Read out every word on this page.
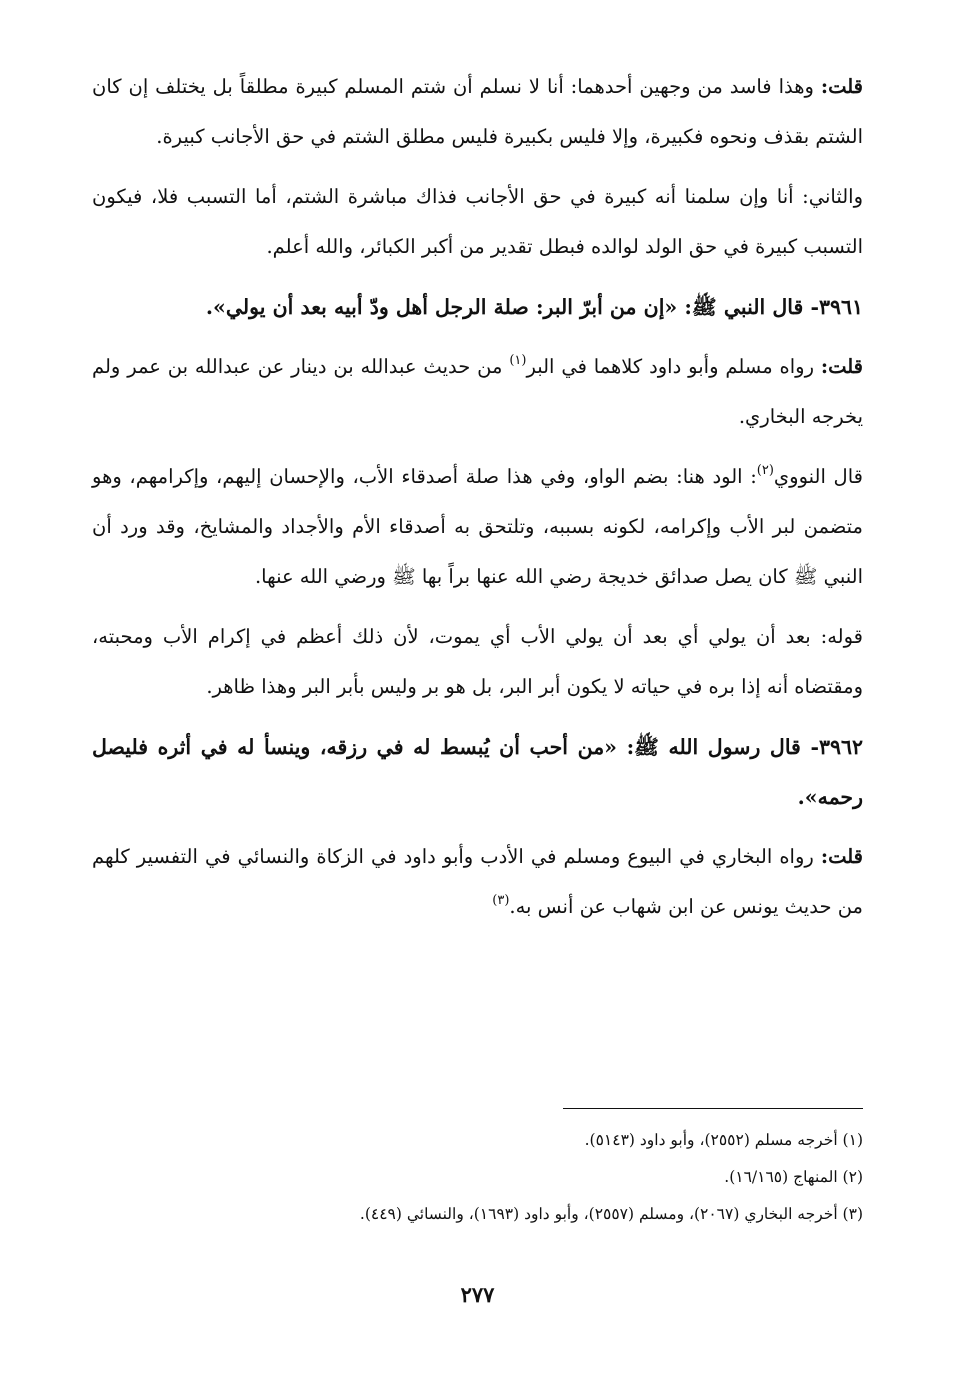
قلت: وهذا فاسد من وجهين أحدهما: أنا لا نسلم أن شتم المسلم كبيرة مطلقاً بل يختلف إن كان الشتم بقذف ونحوه فكبيرة، وإلا فليس بكبيرة فليس مطلق الشتم في حق الأجانب كبيرة.

والثاني: أنا وإن سلمنا أنه كبيرة في حق الأجانب فذاك مباشرة الشتم، أما التسبب فلا، فيكون التسبب كبيرة في حق الولد لوالده فبطل تقدير من أكبر الكبائر، والله أعلم.

٣٩٦١- قال النبي ﷺ: «إن من أبرّ البر: صلة الرجل أهل ودّ أبيه بعد أن يولي».

قلت: رواه مسلم وأبو داود كلاهما في البر$^{(١)}$ من حديث عبدالله بن دينار عن عبدالله بن عمر ولم يخرجه البخاري.

قال النووي$^{(٢)}$: الود هنا: بضم الواو، وفي هذا صلة أصدقاء الأب، والإحسان إليهم، وإكرامهم، وهو متضمن لبر الأب وإكرامه، لكونه بسببه، وتلتحق به أصدقاء الأم والأجداد والمشايخ، وقد ورد أن النبي ﷺ كان يصل صدائق خديجة رضي الله عنها براً بها ﷺ ورضي الله عنها.

قوله: بعد أن يولي أي بعد أن يولي الأب أي يموت، لأن ذلك أعظم في إكرام الأب ومحبته، ومقتضاه أنه إذا بره في حياته لا يكون أبر البر، بل هو بر وليس بأبر البر وهذا ظاهر.

٣٩٦٢- قال رسول الله ﷺ: «من أحب أن يُبسط له في رزقه، وينسأ له في أثره فليصل رحمه».

قلت: رواه البخاري في البيوع ومسلم في الأدب وأبو داود في الزكاة والنسائي في التفسير كلهم من حديث يونس عن ابن شهاب عن أنس به.$^{(٣)}$

(١) أخرجه مسلم (٢٥٥٢)، وأبو داود (٥١٤٣).

(٢) المنهاج (١٦/١٦٥).

(٣) أخرجه البخاري (٢٠٦٧)، ومسلم (٢٥٥٧)، وأبو داود (١٦٩٣)، والنسائي (٤٤٩).

٢٧٧
